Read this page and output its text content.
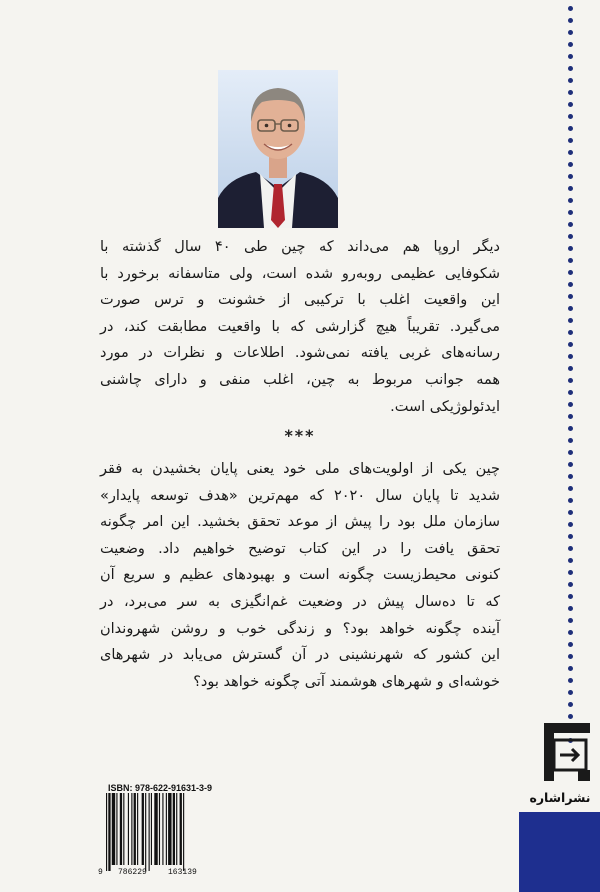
دیگر اروپا هم می‌داند که چین طی ۴۰ سال گذشته با

شکوفایی عظیمی روبه‌رو شده است، ولی متاسفانه برخورد با

این واقعیت اغلب با ترکیبی از خشونت و ترس صورت

می‌گیرد. تقریباً هیچ گزارشی که با واقعیت مطابقت کند، در

رسانه‌های غربی یافته نمی‌شود. اطلاعات و نظرات در مورد

همه جوانب مربوط به چین، اغلب منفی و دارای چاشنی

ایدئولوژیکی است.

***

چین یکی از اولویت‌های ملی خود یعنی پایان بخشیدن به فقر

شدید تا پایان سال ۲۰۲۰ که مهم‌ترین «هدف توسعه پایدار»

سازمان ملل بود را پیش از موعد تحقق بخشید. این امر چگونه

تحقق یافت را در این کتاب توضیح خواهیم داد. وضعیت

کنونی محیط‌زیست چگونه است و بهبودهای عظیم و سریع آن

که تا ده‌سال پیش در وضعیت غم‌انگیزی به سر می‌برد، در

آینده چگونه خواهد بود؟ و زندگی خوب و روشن شهروندان

این کشور که شهرنشینی در آن گسترش می‌یابد در شهرهای

خوشه‌ای و شهرهای هوشمند آتی چگونه خواهد بود؟

ISBN: 978-622-91631-3-9
9 786229	163139
نشراشاره
